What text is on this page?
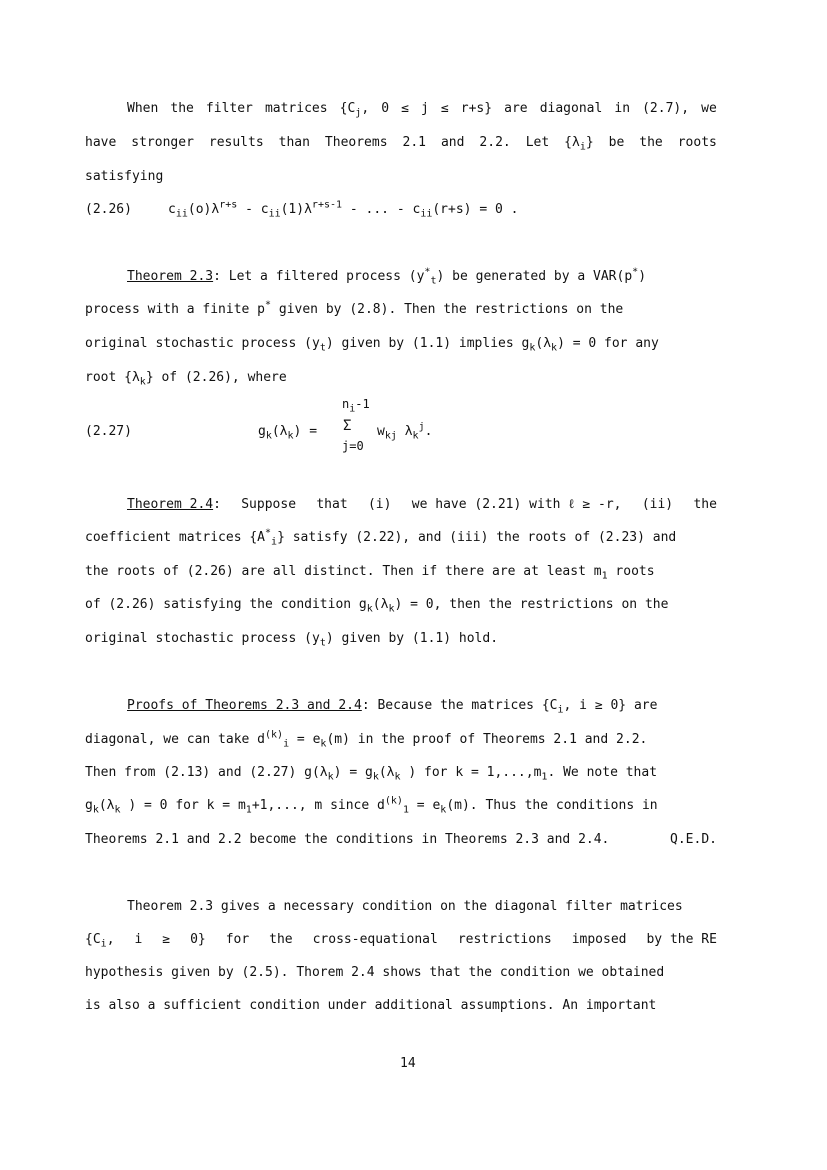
When the filter matrices {$C_j$, 0 ≤ j ≤ r+s} are diagonal in (2.7), we
have stronger results than Theorems 2.1 and 2.2. Let $\{\lambda_i\}$ be the roots
satisfying
(2.26)	$c_{ii}(o)\lambda^{r+s} - c_{ii}(1)\lambda^{r+s-1}$ - ... - $c_{ii}(r+s) = 0$ .
Theorem 2.3: Let a filtered process $(y^*_t)$ be generated by a VAR(p*)
process with a finite p* given by (2.8). Then the restrictions on the
original stochastic process $(y_t)$ given by (1.1) implies $g_k(\lambda_k) = 0$ for any
root $\{\lambda_k\}$ of (2.26), where
(2.27)	$g_k(\lambda_k)$ =
$n_i-1$
Σ
j=0
$w_{kj}$ $\lambda_k^j$.
Theorem 2.4: Suppose that (i) we have (2.21) with ℓ ≥ -r, (ii) the
coefficient matrices $\{A^*_i\}$ satisfy (2.22), and (iii) the roots of (2.23) and
the roots of (2.26) are all distinct. Then if there are at least $m_1$ roots
of (2.26) satisfying the condition $g_k(\lambda_k) = 0$, then the restrictions on the
original stochastic process $(y_t)$ given by (1.1) hold.
Proofs of Theorems 2.3 and 2.4: Because the matrices {$C_i$, i ≥ 0} are
diagonal, we can take $d^{(k)}_i = e_k(m)$ in the proof of Theorems 2.1 and 2.2.
Then from (2.13) and (2.27) $g(\lambda_k) = g_k(\lambda_k$ ) for $k = 1,...,m_1$. We note that
$g_k(\lambda_k$ ) = 0 for $k = m_1+1$,..., m since $d^{(k)}_1 = e_k(m)$. Thus the conditions in
Theorems 2.1 and 2.2 become the conditions in Theorems 2.3 and 2.4.	Q.E.D.
Theorem 2.3 gives a necessary condition on the diagonal filter matrices
{$C_i$, i ≥ 0} for the cross-equational restrictions imposed by the RE
hypothesis given by (2.5). Thorem 2.4 shows that the condition we obtained
is also a sufficient condition under additional assumptions. An important
14
